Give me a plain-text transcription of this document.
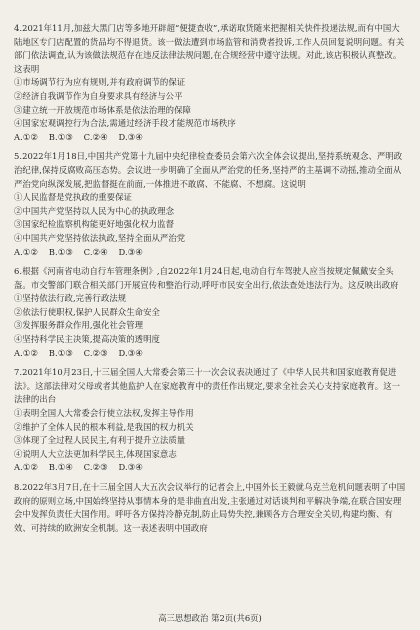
4.2021年11月,加兹大黑门店等多地开辟超“便捷查收”,承诺取货随来把握相关快件投递法规,而有中国大陆地区专门店配置的货品均不得退货。该一做法遭到市场监管和消费者投诉,工作人员回复说明问题。有关部门依法调查,认为该做法规范存在违反法律法规问题,在合规经营中遵守法规。对此,该店积极认真整改。这表明

①市场调节行为应有规则,并有政府调节的保证

②经济自我调节作为自身要求具有经济与公平

③建立统一开放规范市场体系是依法治理的保障

④国家宏观调控行为合法,需通过经济手段才能规范市场秩序

A.①②    B.①③    C.②④    D.③④

5.2022年1月18日,中国共产党第十九届中央纪律检查委员会第六次全体会议提出,坚持系统观念、严明政治纪律,保持反腐败高压态势。会议进一步明确了全面从严治党的任务,坚持严的主基调不动摇,推动全面从严治党向纵深发展,把监督挺在前面,一体推进不敢腐、不能腐、不想腐。这说明

①人民监督是党执政的重要保证

②中国共产党坚持以人民为中心的执政理念

③国家纪检监察机构能更好地强化权力监督

④中国共产党坚持依法执政,坚持全面从严治党

A.①②    B.①③    C.②④    D.③④

6.根据《河南省电动自行车管理条例》,自2022年1月24日起,电动自行车驾驶人应当按规定佩戴安全头盔。市交警部门联合相关部门开展宣传和整治行动,呼吁市民安全出行,依法查处违法行为。这反映出政府

①坚持依法行政,完善行政法规

②依法行使职权,保护人民群众生命安全

③发挥服务群众作用,强化社会管理

④坚持科学民主决策,提高决策的透明度

A.①②    B.①③    C.②③    D.③④

7.2021年10月23日,十三届全国人大常委会第三十一次会议表决通过了《中华人民共和国家庭教育促进法》。这部法律对父母或者其他监护人在家庭教育中的责任作出规定,要求全社会关心支持家庭教育。这一法律的出台

①表明全国人大常委会行使立法权,发挥主导作用

②维护了全体人民的根本利益,是我国的权力机关

③体现了全过程人民民主,有利于提升立法质量

④说明人大立法更加科学民主,体现国家意志

A.①②    B.①④    C.②③    D.③④

8.2022年3月7日,在十三届全国人大五次会议举行的记者会上,中国外长王毅就乌克兰危机问题表明了中国政府的原则立场,中国始终坚持从事情本身的是非曲直出发,主张通过对话谈判和平解决争端,在联合国安理会中发挥负责任大国作用。呼吁各方保持冷静克制,防止局势失控,兼顾各方合理安全关切,构建均衡、有效、可持续的欧洲安全机制。这一表述表明中国政府

高三思想政治 第2页(共6页)
